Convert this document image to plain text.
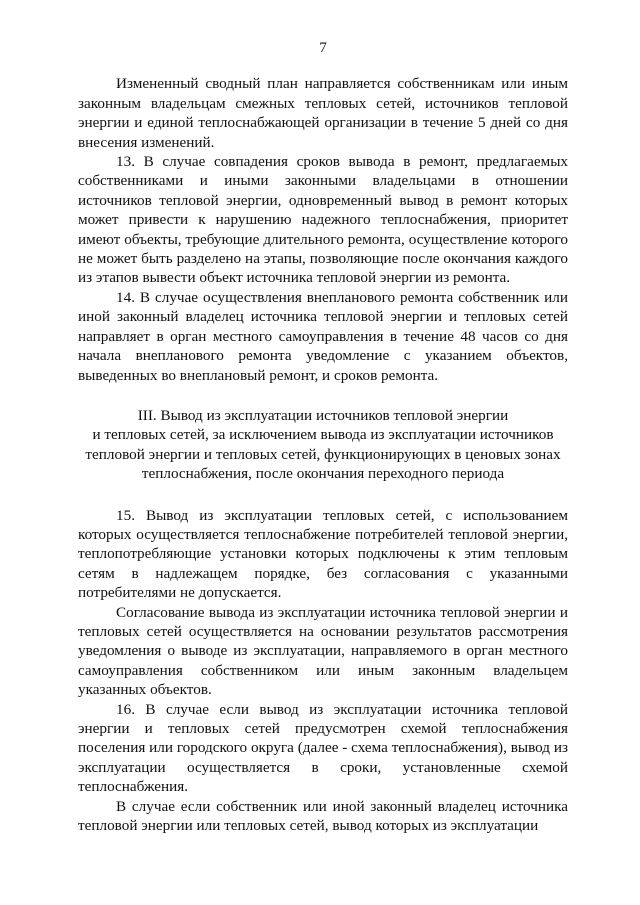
7

Измененный сводный план направляется собственникам или иным законным владельцам смежных тепловых сетей, источников тепловой энергии и единой теплоснабжающей организации в течение 5 дней со дня внесения изменений.

13. В случае совпадения сроков вывода в ремонт, предлагаемых собственниками и иными законными владельцами в отношении источников тепловой энергии, одновременный вывод в ремонт которых может привести к нарушению надежного теплоснабжения, приоритет имеют объекты, требующие длительного ремонта, осуществление которого не может быть разделено на этапы, позволяющие после окончания каждого из этапов вывести объект источника тепловой энергии из ремонта.

14. В случае осуществления внепланового ремонта собственник или иной законный владелец источника тепловой энергии и тепловых сетей направляет в орган местного самоуправления в течение 48 часов со дня начала внепланового ремонта уведомление с указанием объектов, выведенных во внеплановый ремонт, и сроков ремонта.

III. Вывод из эксплуатации источников тепловой энергии
и тепловых сетей, за исключением вывода из эксплуатации источников
тепловой энергии и тепловых сетей, функционирующих в ценовых зонах
теплоснабжения, после окончания переходного периода

15. Вывод из эксплуатации тепловых сетей, с использованием которых осуществляется теплоснабжение потребителей тепловой энергии, теплопотребляющие установки которых подключены к этим тепловым сетям в надлежащем порядке, без согласования с указанными потребителями не допускается.

Согласование вывода из эксплуатации источника тепловой энергии и тепловых сетей осуществляется на основании результатов рассмотрения уведомления о выводе из эксплуатации, направляемого в орган местного самоуправления собственником или иным законным владельцем указанных объектов.

16. В случае если вывод из эксплуатации источника тепловой энергии и тепловых сетей предусмотрен схемой теплоснабжения поселения или городского округа (далее - схема теплоснабжения), вывод из эксплуатации осуществляется в сроки, установленные схемой теплоснабжения.

В случае если собственник или иной законный владелец источника тепловой энергии или тепловых сетей, вывод которых из эксплуатации
